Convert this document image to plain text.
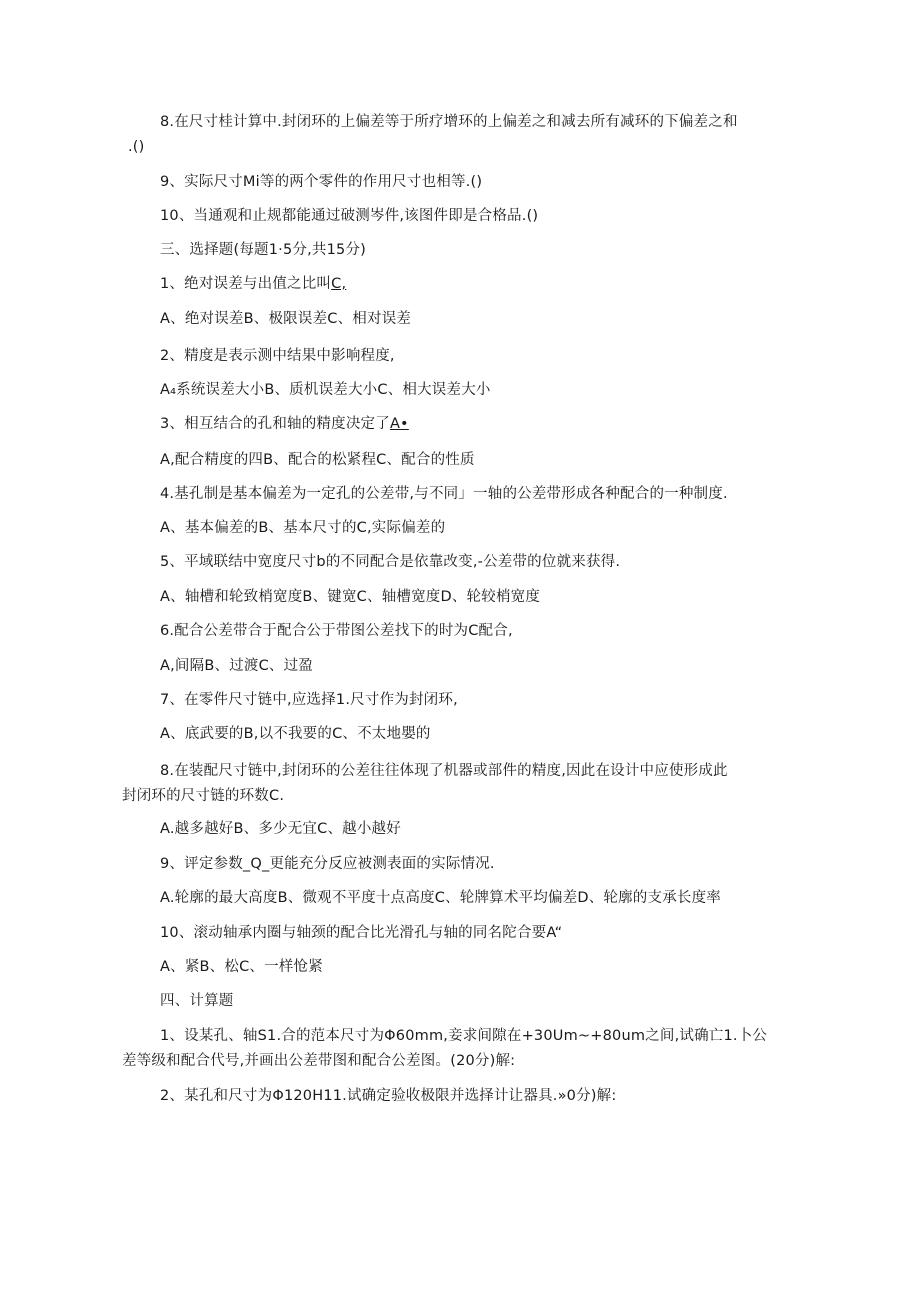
8.在尺寸桂计算中.封闭环的上偏差等于所疗增环的上偏差之和减去所有减环的下偏差之和
.()
9、实际尺寸Mi等的两个零件的作用尺寸也相等.()
10、当通观和止规都能通过破测岑件,该图件即是合格品.()
三、选择题(每题1·5分,共15分)
1、绝对误差与出值之比叫C,
A、绝对误差B、极限误差C、相对误差
2、精度是表示测中结果中影响程度,
A₄系统误差大小B、质机误差大小C、相大误差大小
3、相互结合的孔和轴的精度决定了A•
A,配合精度的四B、配合的松紧程C、配合的性质
4.基孔制是基本偏差为一定孔的公差带,与不同」一轴的公差带形成各种配合的一种制度.
A、基本偏差的B、基本尺寸的C,实际偏差的
5、平域联结中宽度尺寸b的不同配合是依靠改变,-公差带的位就来获得.
A、轴槽和轮致梢宽度B、键宽C、轴槽宽度D、轮较梢宽度
6.配合公差带合于配合公于带图公差找下的时为C配合,
A,间隔B、过渡C、过盈
7、在零件尺寸链中,应选择1.尺寸作为封闭环,
A、底武要的B,以不我要的C、不太地嬰的
8.在装配尺寸链中,封闭环的公差往往体现了机器或部件的精度,因此在设计中应使形成此
封闭环的尺寸链的环数C.
A.越多越好B、多少无宜C、越小越好
9、评定参数_Q_更能充分反应被测表面的实际情况.
A.轮廓的最大高度B、微观不平度十点高度C、轮牌算术平均偏差D、轮廓的支承长度率
10、滚动轴承内圈与轴颈的配合比光滑孔与轴的同名陀合要A“
A、紧B、松C、一样怆紧
四、计算题
1、设某孔、轴S1.合的范本尺寸为Φ60mm,妾求间隙在+30Um~+80um之间,试确亡1.卜公
差等级和配合代号,并画出公差带图和配合公差图。(20分)解:
2、某孔和尺寸为Φ120H11.试确定验收极限并选择计让器具.»0分)解:
